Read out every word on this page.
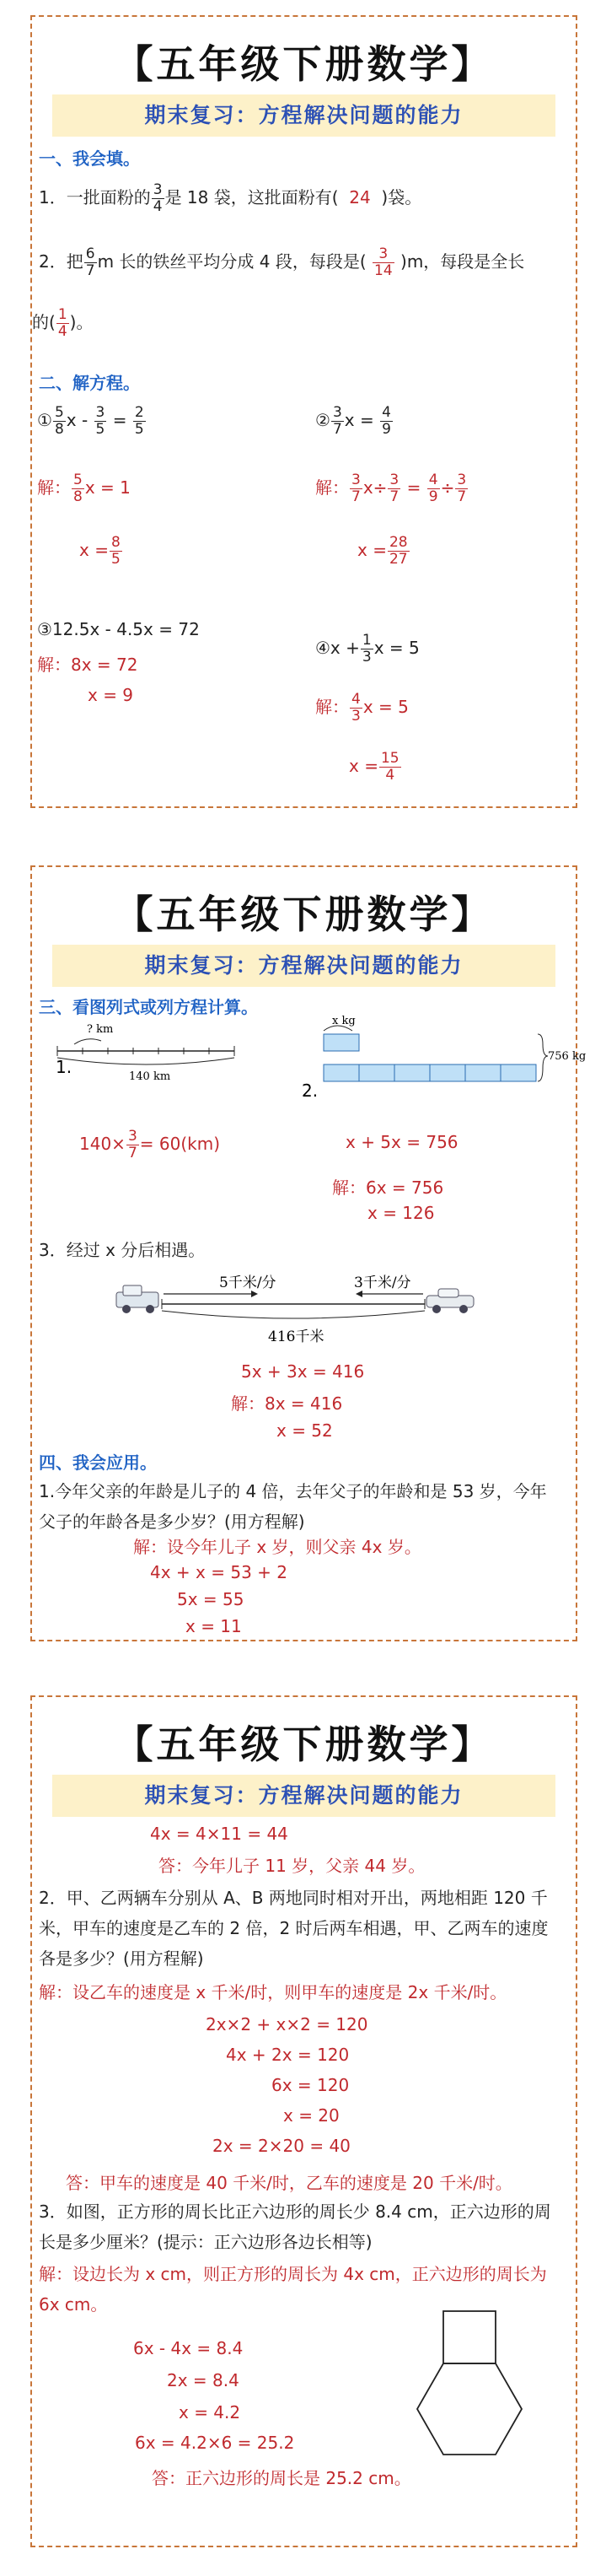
【五年级下册数学】
期末复习：方程解决问题的能力
一、我会填。
1．一批面粉的 $\frac{3}{4}$ 是 18 袋，这批面粉有( 24 )袋。
2．把 $\frac{6}{7}$ m 长的铁丝平均分成 4 段，每段是( $\frac{3}{14} )m$，每段是全长
的( $\frac{1}{4}$ )。
二、解方程。
① $\frac{5}{8}$ $x - \frac{3}{5} = \frac{2}{5}$
解： $\frac{5}{8}$ x = 1
$x = \frac{8}{5}$
② $\frac{3}{7}$ $x = \frac{4}{9}$
解： $\frac{3}{7} x\div \frac{3}{7} = \frac{4}{9} \div \frac{3}{7}$
$x = \frac{28}{27}$
③12.5x - 4.5x = 72
解：8x = 72
x = 9
④x + $\frac{1}{3}$ x = 5
解： $\frac{4}{3}$ x = 5
$x = \frac{15}{4}$
【五年级下册数学】
期末复习：方程解决问题的能力
三、看图列式或列方程计算。
? km
140 km
1.
x kg
756 kg
2.
$140\times \frac{3}{7} = 60(km)$	x + 5x = 756
解：6x = 756
x = 126
3．经过 x 分后相遇。
5千米/分	3千米/分
416千米
5x + 3x = 416
解：8x = 416
x = 52
四、我会应用。
1.今年父亲的年龄是儿子的 4 倍，去年父子的年龄和是 53 岁，今年父子的年龄各是多少岁？(用方程解)
解：设今年儿子 x 岁，则父亲 4x 岁。
4x + x = 53 + 2
5x = 55
x = 11
【五年级下册数学】
期末复习：方程解决问题的能力
4x = 4×11 = 44
答：今年儿子 11 岁，父亲 44 岁。
2．甲、乙两辆车分别从 A、B 两地同时相对开出，两地相距 120 千米，甲车的速度是乙车的 2 倍，2 时后两车相遇，甲、乙两车的速度各是多少？(用方程解)
解：设乙车的速度是 x 千米/时，则甲车的速度是 2x 千米/时。
2x×2 + x×2 = 120
4x + 2x = 120
6x = 120
x = 20
2x = 2×20 = 40
答：甲车的速度是 40 千米/时，乙车的速度是 20 千米/时。
3．如图，正方形的周长比正六边形的周长少 8.4 cm，正六边形的周长是多少厘米？(提示：正六边形各边长相等)
解：设边长为 x cm，则正方形的周长为 4x cm，正六边形的周长为 6x cm。
6x - 4x = 8.4
2x = 8.4
x = 4.2
6x = 4.2×6 = 25.2
答：正六边形的周长是 25.2 cm。
